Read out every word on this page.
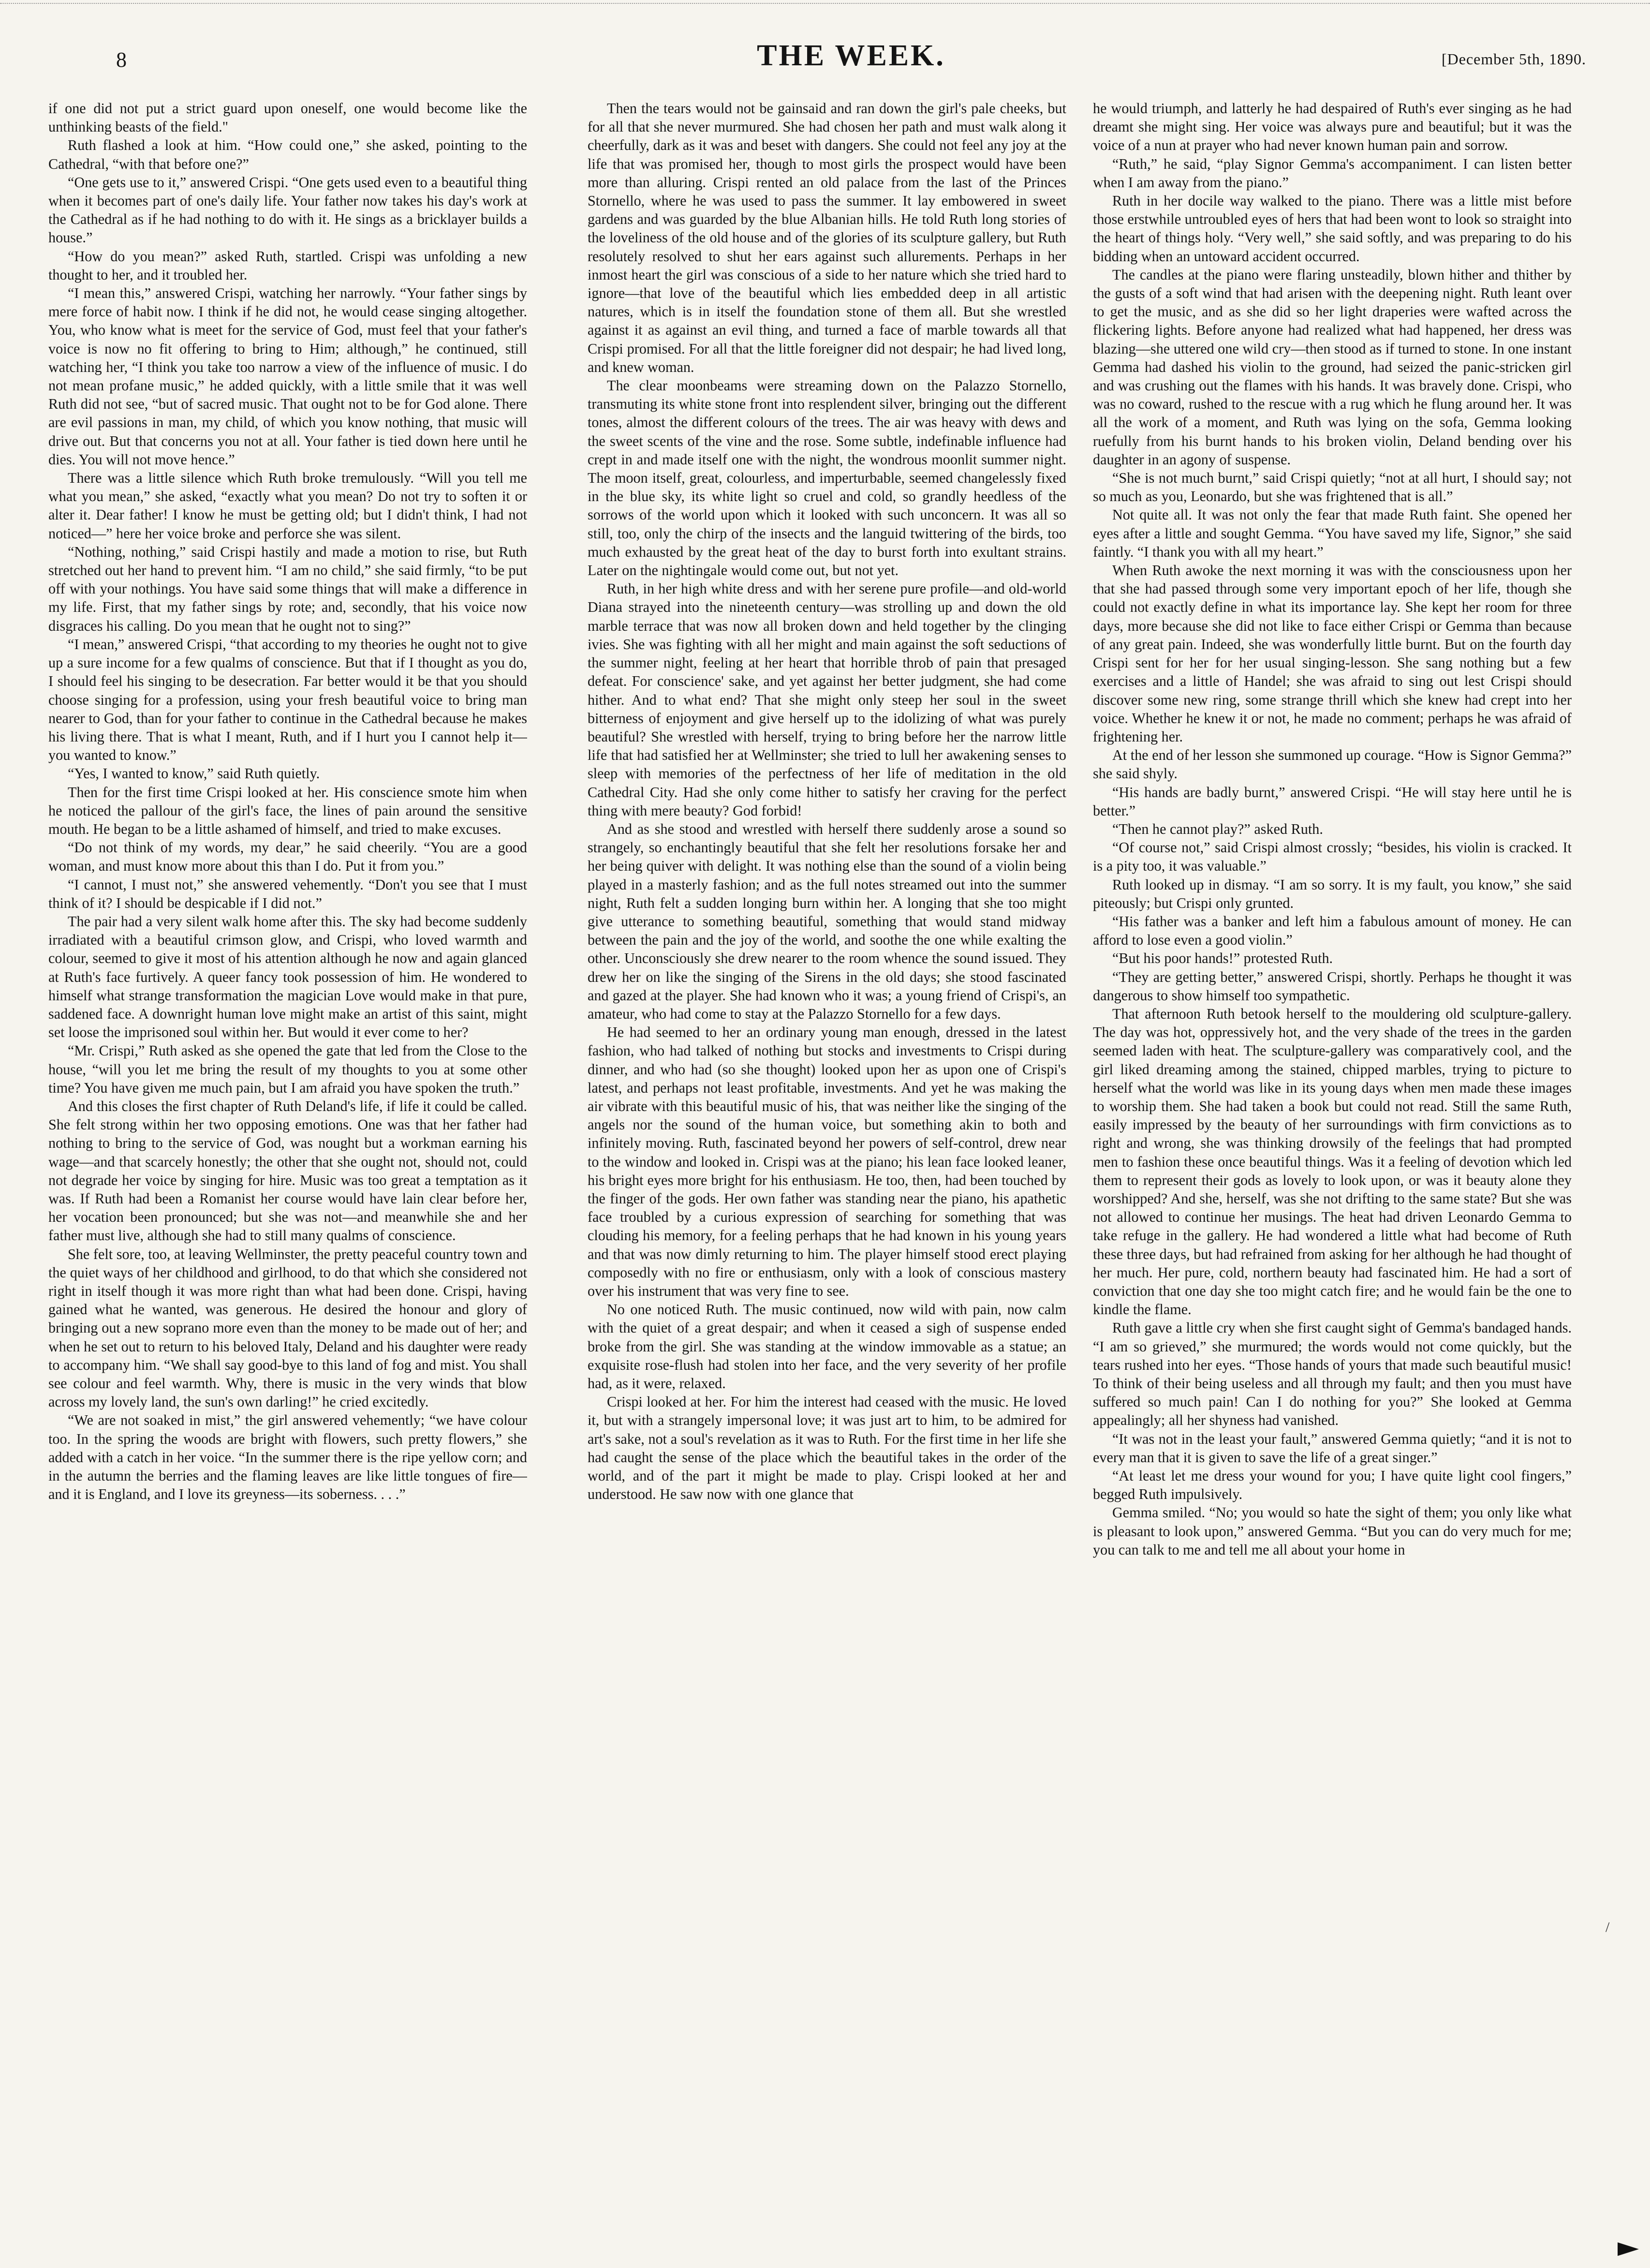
8	THE WEEK.	[December 5th, 1890.

if one did not put a strict guard upon oneself, one would become like the unthinking beasts of the field."

Ruth flashed a look at him. “How could one,” she asked, pointing to the Cathedral, “with that before one?”

“One gets use to it,” answered Crispi. “One gets used even to a beautiful thing when it becomes part of one's daily life. Your father now takes his day's work at the Cathedral as if he had nothing to do with it. He sings as a bricklayer builds a house.”

“How do you mean?” asked Ruth, startled. Crispi was unfolding a new thought to her, and it troubled her.

“I mean this,” answered Crispi, watching her narrowly. “Your father sings by mere force of habit now. I think if he did not, he would cease singing altogether. You, who know what is meet for the service of God, must feel that your father's voice is now no fit offering to bring to Him; although,” he continued, still watching her, “I think you take too narrow a view of the influence of music. I do not mean profane music,” he added quickly, with a little smile that it was well Ruth did not see, “but of sacred music. That ought not to be for God alone. There are evil passions in man, my child, of which you know nothing, that music will drive out. But that concerns you not at all. Your father is tied down here until he dies. You will not move hence.”

There was a little silence which Ruth broke tremulously. “Will you tell me what you mean,” she asked, “exactly what you mean? Do not try to soften it or alter it. Dear father! I know he must be getting old; but I didn't think, I had not noticed—” here her voice broke and perforce she was silent.

“Nothing, nothing,” said Crispi hastily and made a motion to rise, but Ruth stretched out her hand to prevent him. “I am no child,” she said firmly, “to be put off with your nothings. You have said some things that will make a difference in my life. First, that my father sings by rote; and, secondly, that his voice now disgraces his calling. Do you mean that he ought not to sing?”

“I mean,” answered Crispi, “that according to my theories he ought not to give up a sure income for a few qualms of conscience. But that if I thought as you do, I should feel his singing to be desecration. Far better would it be that you should choose singing for a profession, using your fresh beautiful voice to bring man nearer to God, than for your father to continue in the Cathedral because he makes his living there. That is what I meant, Ruth, and if I hurt you I cannot help it—you wanted to know.”

“Yes, I wanted to know,” said Ruth quietly.

Then for the first time Crispi looked at her. His conscience smote him when he noticed the pallour of the girl's face, the lines of pain around the sensitive mouth. He began to be a little ashamed of himself, and tried to make excuses.

“Do not think of my words, my dear,” he said cheerily. “You are a good woman, and must know more about this than I do. Put it from you.”

“I cannot, I must not,” she answered vehemently. “Don't you see that I must think of it? I should be despicable if I did not.”

The pair had a very silent walk home after this. The sky had become suddenly irradiated with a beautiful crimson glow, and Crispi, who loved warmth and colour, seemed to give it most of his attention although he now and again glanced at Ruth's face furtively. A queer fancy took possession of him. He wondered to himself what strange transformation the magician Love would make in that pure, saddened face. A downright human love might make an artist of this saint, might set loose the imprisoned soul within her. But would it ever come to her?

“Mr. Crispi,” Ruth asked as she opened the gate that led from the Close to the house, “will you let me bring the result of my thoughts to you at some other time? You have given me much pain, but I am afraid you have spoken the truth.”

And this closes the first chapter of Ruth Deland's life, if life it could be called. She felt strong within her two opposing emotions. One was that her father had nothing to bring to the service of God, was nought but a workman earning his wage—and that scarcely honestly; the other that she ought not, should not, could not degrade her voice by singing for hire. Music was too great a temptation as it was. If Ruth had been a Romanist her course would have lain clear before her, her vocation been pronounced; but she was not—and meanwhile she and her father must live, although she had to still many qualms of conscience.

She felt sore, too, at leaving Wellminster, the pretty peaceful country town and the quiet ways of her childhood and girlhood, to do that which she considered not right in itself though it was more right than what had been done. Crispi, having gained what he wanted, was generous. He desired the honour and glory of bringing out a new soprano more even than the money to be made out of her; and when he set out to return to his beloved Italy, Deland and his daughter were ready to accompany him. “We shall say good-bye to this land of fog and mist. You shall see colour and feel warmth. Why, there is music in the very winds that blow across my lovely land, the sun's own darling!” he cried excitedly.

“We are not soaked in mist,” the girl answered vehemently; “we have colour too. In the spring the woods are bright with flowers, such pretty flowers,” she added with a catch in her voice. “In the summer there is the ripe yellow corn; and in the autumn the berries and the flaming leaves are like little tongues of fire—and it is England, and I love its greyness—its soberness. . . .”

Then the tears would not be gainsaid and ran down the girl's pale cheeks, but for all that she never murmured. She had chosen her path and must walk along it cheerfully, dark as it was and beset with dangers. She could not feel any joy at the life that was promised her, though to most girls the prospect would have been more than alluring. Crispi rented an old palace from the last of the Princes Stornello, where he was used to pass the summer. It lay embowered in sweet gardens and was guarded by the blue Albanian hills. He told Ruth long stories of the loveliness of the old house and of the glories of its sculpture gallery, but Ruth resolutely resolved to shut her ears against such allurements. Perhaps in her inmost heart the girl was conscious of a side to her nature which she tried hard to ignore—that love of the beautiful which lies embedded deep in all artistic natures, which is in itself the foundation stone of them all. But she wrestled against it as against an evil thing, and turned a face of marble towards all that Crispi promised. For all that the little foreigner did not despair; he had lived long, and knew woman.

The clear moonbeams were streaming down on the Palazzo Stornello, transmuting its white stone front into resplendent silver, bringing out the different tones, almost the different colours of the trees. The air was heavy with dews and the sweet scents of the vine and the rose. Some subtle, indefinable influence had crept in and made itself one with the night, the wondrous moonlit summer night. The moon itself, great, colourless, and imperturbable, seemed changelessly fixed in the blue sky, its white light so cruel and cold, so grandly heedless of the sorrows of the world upon which it looked with such unconcern. It was all so still, too, only the chirp of the insects and the languid twittering of the birds, too much exhausted by the great heat of the day to burst forth into exultant strains. Later on the nightingale would come out, but not yet.

Ruth, in her high white dress and with her serene pure profile—and old-world Diana strayed into the nineteenth century—was strolling up and down the old marble terrace that was now all broken down and held together by the clinging ivies. She was fighting with all her might and main against the soft seductions of the summer night, feeling at her heart that horrible throb of pain that presaged defeat. For conscience' sake, and yet against her better judgment, she had come hither. And to what end? That she might only steep her soul in the sweet bitterness of enjoyment and give herself up to the idolizing of what was purely beautiful? She wrestled with herself, trying to bring before her the narrow little life that had satisfied her at Wellminster; she tried to lull her awakening senses to sleep with memories of the perfectness of her life of meditation in the old Cathedral City. Had she only come hither to satisfy her craving for the perfect thing with mere beauty? God forbid!

And as she stood and wrestled with herself there suddenly arose a sound so strangely, so enchantingly beautiful that she felt her resolutions forsake her and her being quiver with delight. It was nothing else than the sound of a violin being played in a masterly fashion; and as the full notes streamed out into the summer night, Ruth felt a sudden longing burn within her. A longing that she too might give utterance to something beautiful, something that would stand midway between the pain and the joy of the world, and soothe the one while exalting the other. Unconsciously she drew nearer to the room whence the sound issued. They drew her on like the singing of the Sirens in the old days; she stood fascinated and gazed at the player. She had known who it was; a young friend of Crispi's, an amateur, who had come to stay at the Palazzo Stornello for a few days.

He had seemed to her an ordinary young man enough, dressed in the latest fashion, who had talked of nothing but stocks and investments to Crispi during dinner, and who had (so she thought) looked upon her as upon one of Crispi's latest, and perhaps not least profitable, investments. And yet he was making the air vibrate with this beautiful music of his, that was neither like the singing of the angels nor the sound of the human voice, but something akin to both and infinitely moving. Ruth, fascinated beyond her powers of self-control, drew near to the window and looked in. Crispi was at the piano; his lean face looked leaner, his bright eyes more bright for his enthusiasm. He too, then, had been touched by the finger of the gods. Her own father was standing near the piano, his apathetic face troubled by a curious expression of searching for something that was clouding his memory, for a feeling perhaps that he had known in his young years and that was now dimly returning to him. The player himself stood erect playing composedly with no fire or enthusiasm, only with a look of conscious mastery over his instrument that was very fine to see.

No one noticed Ruth. The music continued, now wild with pain, now calm with the quiet of a great despair; and when it ceased a sigh of suspense ended broke from the girl. She was standing at the window immovable as a statue; an exquisite rose-flush had stolen into her face, and the very severity of her profile had, as it were, relaxed.

Crispi looked at her. For him the interest had ceased with the music. He loved it, but with a strangely impersonal love; it was just art to him, to be admired for art's sake, not a soul's revelation as it was to Ruth. For the first time in her life she had caught the sense of the place which the beautiful takes in the order of the world, and of the part it might be made to play. Crispi looked at her and understood. He saw now with one glance that

he would triumph, and latterly he had despaired of Ruth's ever singing as he had dreamt she might sing. Her voice was always pure and beautiful; but it was the voice of a nun at prayer who had never known human pain and sorrow.

“Ruth,” he said, “play Signor Gemma's accompaniment. I can listen better when I am away from the piano.”

Ruth in her docile way walked to the piano. There was a little mist before those erstwhile untroubled eyes of hers that had been wont to look so straight into the heart of things holy. “Very well,” she said softly, and was preparing to do his bidding when an untoward accident occurred.

The candles at the piano were flaring unsteadily, blown hither and thither by the gusts of a soft wind that had arisen with the deepening night. Ruth leant over to get the music, and as she did so her light draperies were wafted across the flickering lights. Before anyone had realized what had happened, her dress was blazing—she uttered one wild cry—then stood as if turned to stone. In one instant Gemma had dashed his violin to the ground, had seized the panic-stricken girl and was crushing out the flames with his hands. It was bravely done. Crispi, who was no coward, rushed to the rescue with a rug which he flung around her. It was all the work of a moment, and Ruth was lying on the sofa, Gemma looking ruefully from his burnt hands to his broken violin, Deland bending over his daughter in an agony of suspense.

“She is not much burnt,” said Crispi quietly; “not at all hurt, I should say; not so much as you, Leonardo, but she was frightened that is all.”

Not quite all. It was not only the fear that made Ruth faint. She opened her eyes after a little and sought Gemma. “You have saved my life, Signor,” she said faintly. “I thank you with all my heart.”

When Ruth awoke the next morning it was with the consciousness upon her that she had passed through some very important epoch of her life, though she could not exactly define in what its importance lay. She kept her room for three days, more because she did not like to face either Crispi or Gemma than because of any great pain. Indeed, she was wonderfully little burnt. But on the fourth day Crispi sent for her for her usual singing-lesson. She sang nothing but a few exercises and a little of Handel; she was afraid to sing out lest Crispi should discover some new ring, some strange thrill which she knew had crept into her voice. Whether he knew it or not, he made no comment; perhaps he was afraid of frightening her.

At the end of her lesson she summoned up courage. “How is Signor Gemma?” she said shyly.

“His hands are badly burnt,” answered Crispi. “He will stay here until he is better.”

“Then he cannot play?” asked Ruth.

“Of course not,” said Crispi almost crossly; “besides, his violin is cracked. It is a pity too, it was valuable.”

Ruth looked up in dismay. “I am so sorry. It is my fault, you know,” she said piteously; but Crispi only grunted.

“His father was a banker and left him a fabulous amount of money. He can afford to lose even a good violin.”

“But his poor hands!” protested Ruth.

“They are getting better,” answered Crispi, shortly. Perhaps he thought it was dangerous to show himself too sympathetic.

That afternoon Ruth betook herself to the mouldering old sculpture-gallery. The day was hot, oppressively hot, and the very shade of the trees in the garden seemed laden with heat. The sculpture-gallery was comparatively cool, and the girl liked dreaming among the stained, chipped marbles, trying to picture to herself what the world was like in its young days when men made these images to worship them. She had taken a book but could not read. Still the same Ruth, easily impressed by the beauty of her surroundings with firm convictions as to right and wrong, she was thinking drowsily of the feelings that had prompted men to fashion these once beautiful things. Was it a feeling of devotion which led them to represent their gods as lovely to look upon, or was it beauty alone they worshipped? And she, herself, was she not drifting to the same state? But she was not allowed to continue her musings. The heat had driven Leonardo Gemma to take refuge in the gallery. He had wondered a little what had become of Ruth these three days, but had refrained from asking for her although he had thought of her much. Her pure, cold, northern beauty had fascinated him. He had a sort of conviction that one day she too might catch fire; and he would fain be the one to kindle the flame.

Ruth gave a little cry when she first caught sight of Gemma's bandaged hands. “I am so grieved,” she murmured; the words would not come quickly, but the tears rushed into her eyes. “Those hands of yours that made such beautiful music! To think of their being useless and all through my fault; and then you must have suffered so much pain! Can I do nothing for you?” She looked at Gemma appealingly; all her shyness had vanished.

“It was not in the least your fault,” answered Gemma quietly; “and it is not to every man that it is given to save the life of a great singer.”

“At least let me dress your wound for you; I have quite light cool fingers,” begged Ruth impulsively.

Gemma smiled. “No; you would so hate the sight of them; you only like what is pleasant to look upon,” answered Gemma. “But you can do very much for me; you can talk to me and tell me all about your home in

/
